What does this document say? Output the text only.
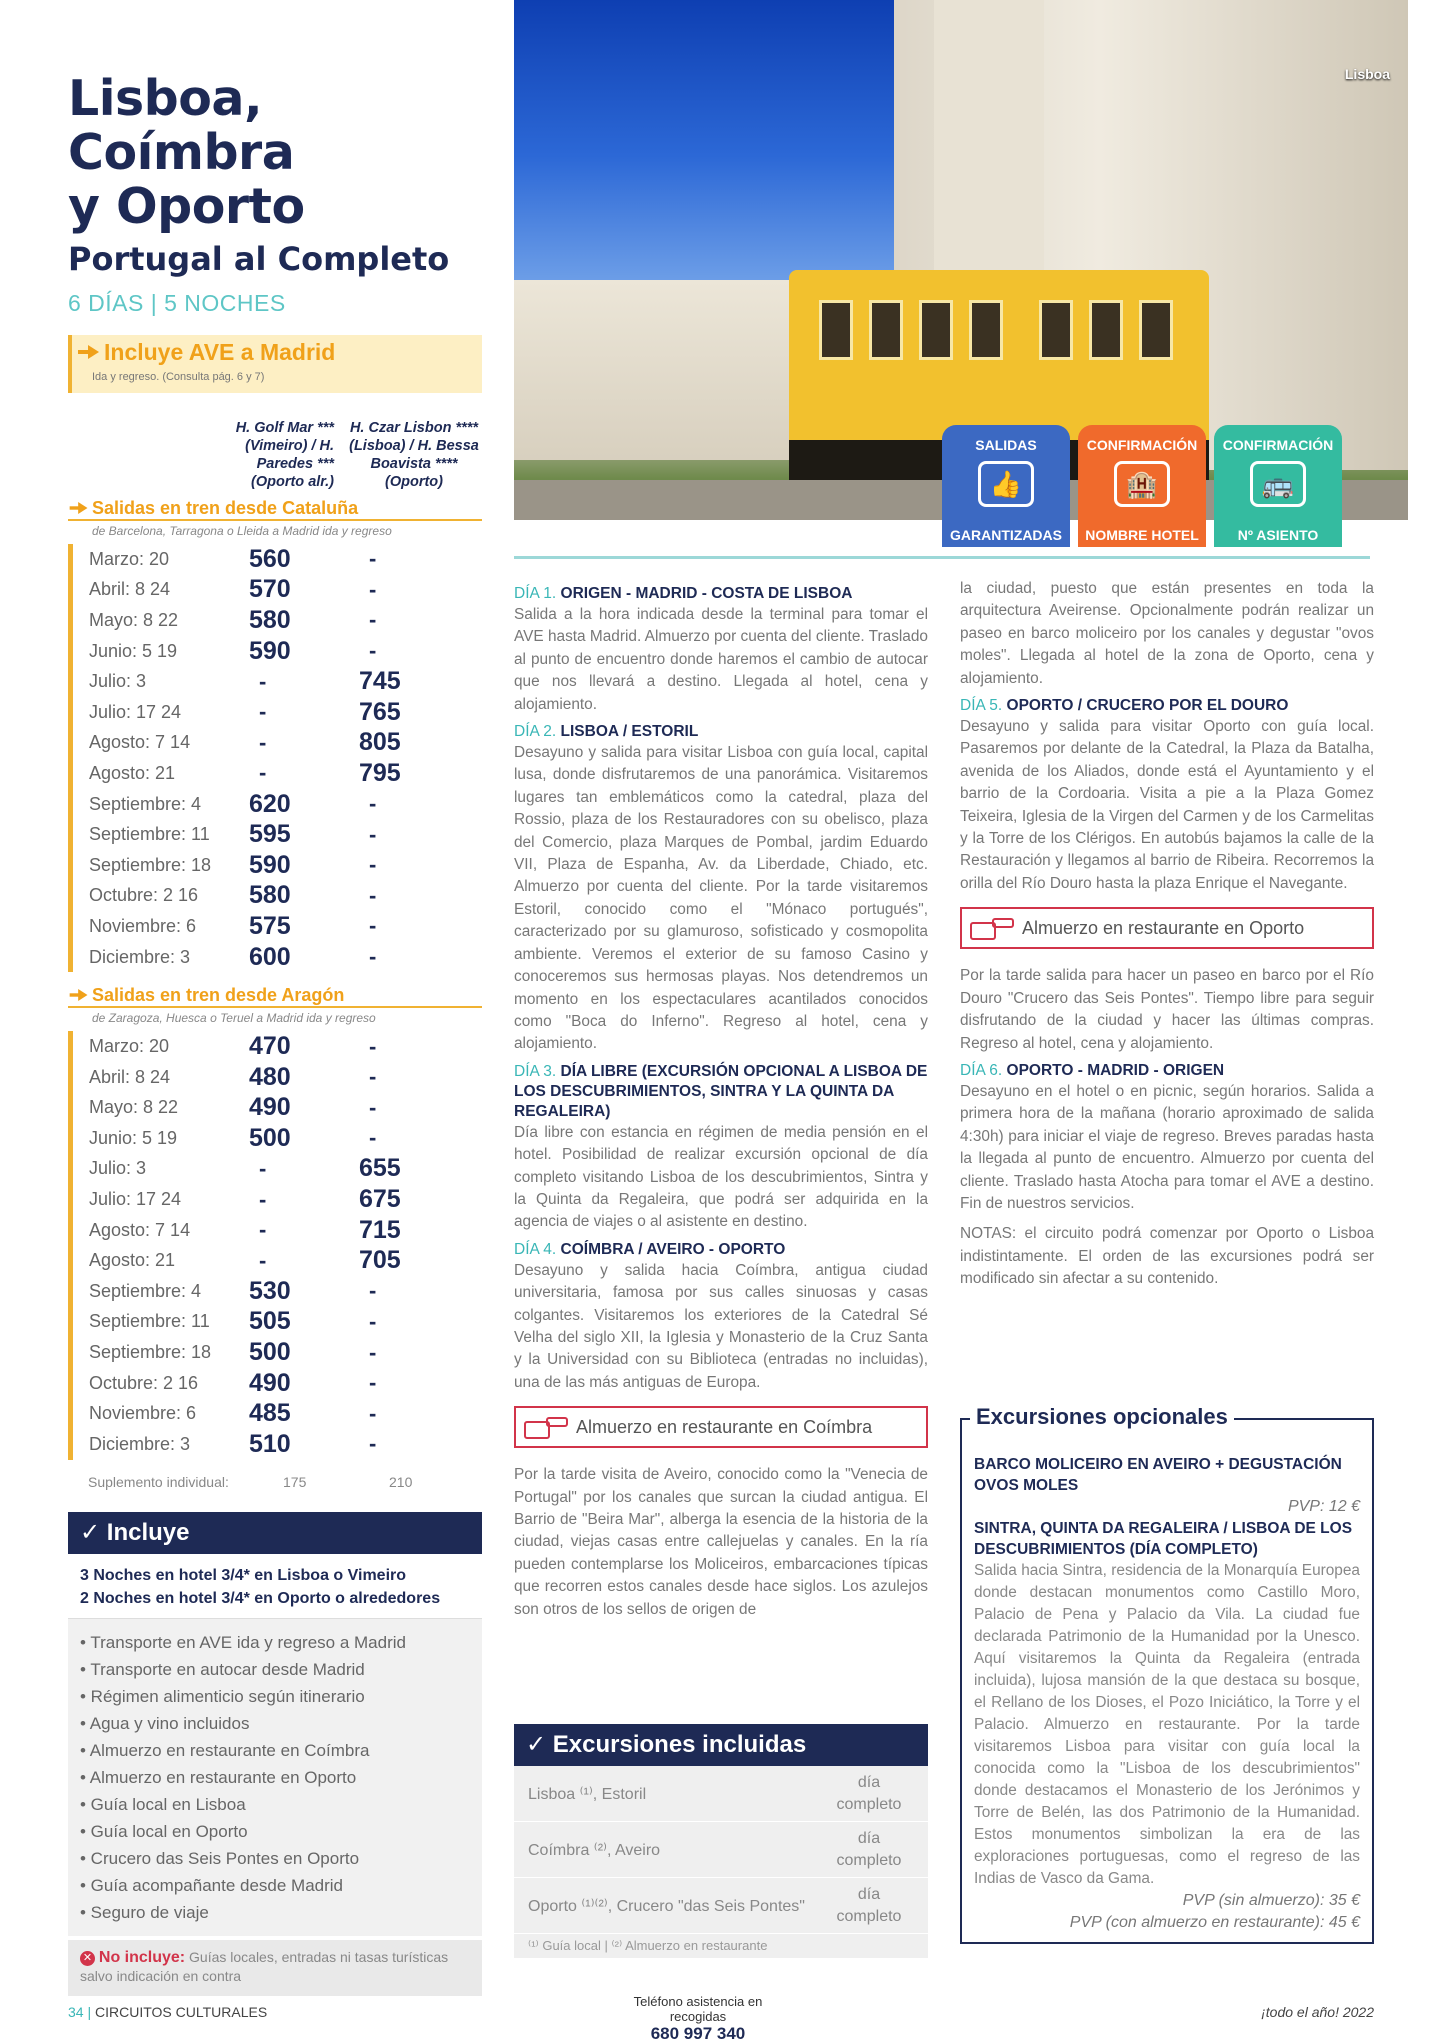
Lisboa, Coímbra
y Oporto
Portugal al Completo
6 DÍAS | 5 NOCHES
Incluye AVE a Madrid
Ida y regreso. (Consulta pág. 6 y 7)
H. Golf Mar *** (Vimeiro) / H. Paredes *** (Oporto alr.)
H. Czar Lisbon **** (Lisboa) / H. Bessa Boavista **** (Oporto)
Salidas en tren desde Cataluña
de Barcelona, Tarragona o Lleida a Madrid ida y regreso
Marzo: 20	560	-
Abril: 8 24	570	-
Mayo: 8 22	580	-
Junio: 5 19	590	-
Julio: 3	-	745
Julio: 17 24	-	765
Agosto: 7 14	-	805
Agosto: 21	-	795
Septiembre: 4	620	-
Septiembre: 11	595	-
Septiembre: 18	590	-
Octubre: 2 16	580	-
Noviembre: 6	575	-
Diciembre: 3	600	-
Salidas en tren desde Aragón
de Zaragoza, Huesca o Teruel a Madrid ida y regreso
Marzo: 20	470	-
Abril: 8 24	480	-
Mayo: 8 22	490	-
Junio: 5 19	500	-
Julio: 3	-	655
Julio: 17 24	-	675
Agosto: 7 14	-	715
Agosto: 21	-	705
Septiembre: 4	530	-
Septiembre: 11	505	-
Septiembre: 18	500	-
Octubre: 2 16	490	-
Noviembre: 6	485	-
Diciembre: 3	510	-
Suplemento individual:	175	210
✓ Incluye
3 Noches en hotel 3/4* en Lisboa o Vimeiro
2 Noches en hotel 3/4* en Oporto o alrededores
• Transporte en AVE ida y regreso a Madrid
• Transporte en autocar desde Madrid
• Régimen alimenticio según itinerario
• Agua y vino incluidos
• Almuerzo en restaurante en Coímbra
• Almuerzo en restaurante en Oporto
• Guía local en Lisboa
• Guía local en Oporto
• Crucero das Seis Pontes en Oporto
• Guía acompañante desde Madrid
• Seguro de viaje
✕ No incluye: Guías locales, entradas ni tasas turísticas salvo indicación en contra
Lisboa
SALIDAS
👍
GARANTIZADAS
CONFIRMACIÓN
🏨
NOMBRE HOTEL
CONFIRMACIÓN
🚌
Nº ASIENTO
DÍA 1. ORIGEN - MADRID - COSTA DE LISBOA
Salida a la hora indicada desde la terminal para tomar el AVE hasta Madrid. Almuerzo por cuenta del cliente. Traslado al punto de encuentro donde haremos el cambio de autocar que nos llevará a destino. Llegada al hotel, cena y alojamiento.
DÍA 2. LISBOA / ESTORIL
Desayuno y salida para visitar Lisboa con guía local, capital lusa, donde disfrutaremos de una panorámica. Visitaremos lugares tan emblemáticos como la catedral, plaza del Rossio, plaza de los Restauradores con su obelisco, plaza del Comercio, plaza Marques de Pombal, jardim Eduardo VII, Plaza de Espanha, Av. da Liberdade, Chiado, etc. Almuerzo por cuenta del cliente. Por la tarde visitaremos Estoril, conocido como el "Mónaco portugués", caracterizado por su glamuroso, sofisticado y cosmopolita ambiente. Veremos el exterior de su famoso Casino y conoceremos sus hermosas playas. Nos detendremos un momento en los espectaculares acantilados conocidos como "Boca do Inferno". Regreso al hotel, cena y alojamiento.
DÍA 3. DÍA LIBRE (EXCURSIÓN OPCIONAL A LISBOA DE LOS DESCUBRIMIENTOS, SINTRA Y LA QUINTA DA REGALEIRA)
Día libre con estancia en régimen de media pensión en el hotel. Posibilidad de realizar excursión opcional de día completo visitando Lisboa de los descubrimientos, Sintra y la Quinta da Regaleira, que podrá ser adquirida en la agencia de viajes o al asistente en destino.
DÍA 4. COÍMBRA / AVEIRO - OPORTO
Desayuno y salida hacia Coímbra, antigua ciudad universitaria, famosa por sus calles sinuosas y casas colgantes. Visitaremos los exteriores de la Catedral Sé Velha del siglo XII, la Iglesia y Monasterio de la Cruz Santa y la Universidad con su Biblioteca (entradas no incluidas), una de las más antiguas de Europa.
Almuerzo en restaurante en Coímbra
Por la tarde visita de Aveiro, conocido como la "Venecia de Portugal" por los canales que surcan la ciudad antigua. El Barrio de "Beira Mar", alberga la esencia de la historia de la ciudad, viejas casas entre callejuelas y canales. En la ría pueden contemplarse los Moliceiros, embarcaciones típicas que recorren estos canales desde hace siglos. Los azulejos son otros de los sellos de origen de
la ciudad, puesto que están presentes en toda la arquitectura Aveirense. Opcionalmente podrán realizar un paseo en barco moliceiro por los canales y degustar "ovos moles". Llegada al hotel de la zona de Oporto, cena y alojamiento.
DÍA 5. OPORTO / CRUCERO POR EL DOURO
Desayuno y salida para visitar Oporto con guía local. Pasaremos por delante de la Catedral, la Plaza da Batalha, avenida de los Aliados, donde está el Ayuntamiento y el barrio de la Cordoaria. Visita a pie a la Plaza Gomez Teixeira, Iglesia de la Virgen del Carmen y de los Carmelitas y la Torre de los Clérigos. En autobús bajamos la calle de la Restauración y llegamos al barrio de Ribeira. Recorremos la orilla del Río Douro hasta la plaza Enrique el Navegante.
Almuerzo en restaurante en Oporto
Por la tarde salida para hacer un paseo en barco por el Río Douro "Crucero das Seis Pontes". Tiempo libre para seguir disfrutando de la ciudad y hacer las últimas compras. Regreso al hotel, cena y alojamiento.
DÍA 6. OPORTO - MADRID - ORIGEN
Desayuno en el hotel o en picnic, según horarios. Salida a primera hora de la mañana (horario aproximado de salida 4:30h) para iniciar el viaje de regreso. Breves paradas hasta la llegada al punto de encuentro. Almuerzo por cuenta del cliente. Traslado hasta Atocha para tomar el AVE a destino. Fin de nuestros servicios.
NOTAS: el circuito podrá comenzar por Oporto o Lisboa indistintamente. El orden de las excursiones podrá ser modificado sin afectar a su contenido.
✓ Excursiones incluidas
Lisboa ⁽¹⁾, Estoril
día completo
Coímbra ⁽²⁾, Aveiro
día completo
Oporto ⁽¹⁾⁽²⁾, Crucero "das Seis Pontes"
día completo
⁽¹⁾ Guía local | ⁽²⁾ Almuerzo en restaurante
Excursiones opcionales
BARCO MOLICEIRO EN AVEIRO + DEGUSTACIÓN OVOS MOLES
PVP: 12 €
SINTRA, QUINTA DA REGALEIRA / LISBOA DE LOS DESCUBRIMIENTOS (DÍA COMPLETO)
Salida hacia Sintra, residencia de la Monarquía Europea donde destacan monumentos como Castillo Moro, Palacio de Pena y Palacio da Vila. La ciudad fue declarada Patrimonio de la Humanidad por la Unesco. Aquí visitaremos la Quinta da Regaleira (entrada incluida), lujosa mansión de la que destaca su bosque, el Rellano de los Dioses, el Pozo Iniciático, la Torre y el Palacio. Almuerzo en restaurante. Por la tarde visitaremos Lisboa para visitar con guía local la conocida como la "Lisboa de los descubrimientos" donde destacamos el Monasterio de los Jerónimos y Torre de Belén, las dos Patrimonio de la Humanidad. Estos monumentos simbolizan la era de las exploraciones portuguesas, como el regreso de las Indias de Vasco da Gama.
PVP (sin almuerzo): 35 €
PVP (con almuerzo en restaurante): 45 €
34 | CIRCUITOS CULTURALES
Teléfono asistencia en recogidas
680 997 340
¡todo el año! 2022
